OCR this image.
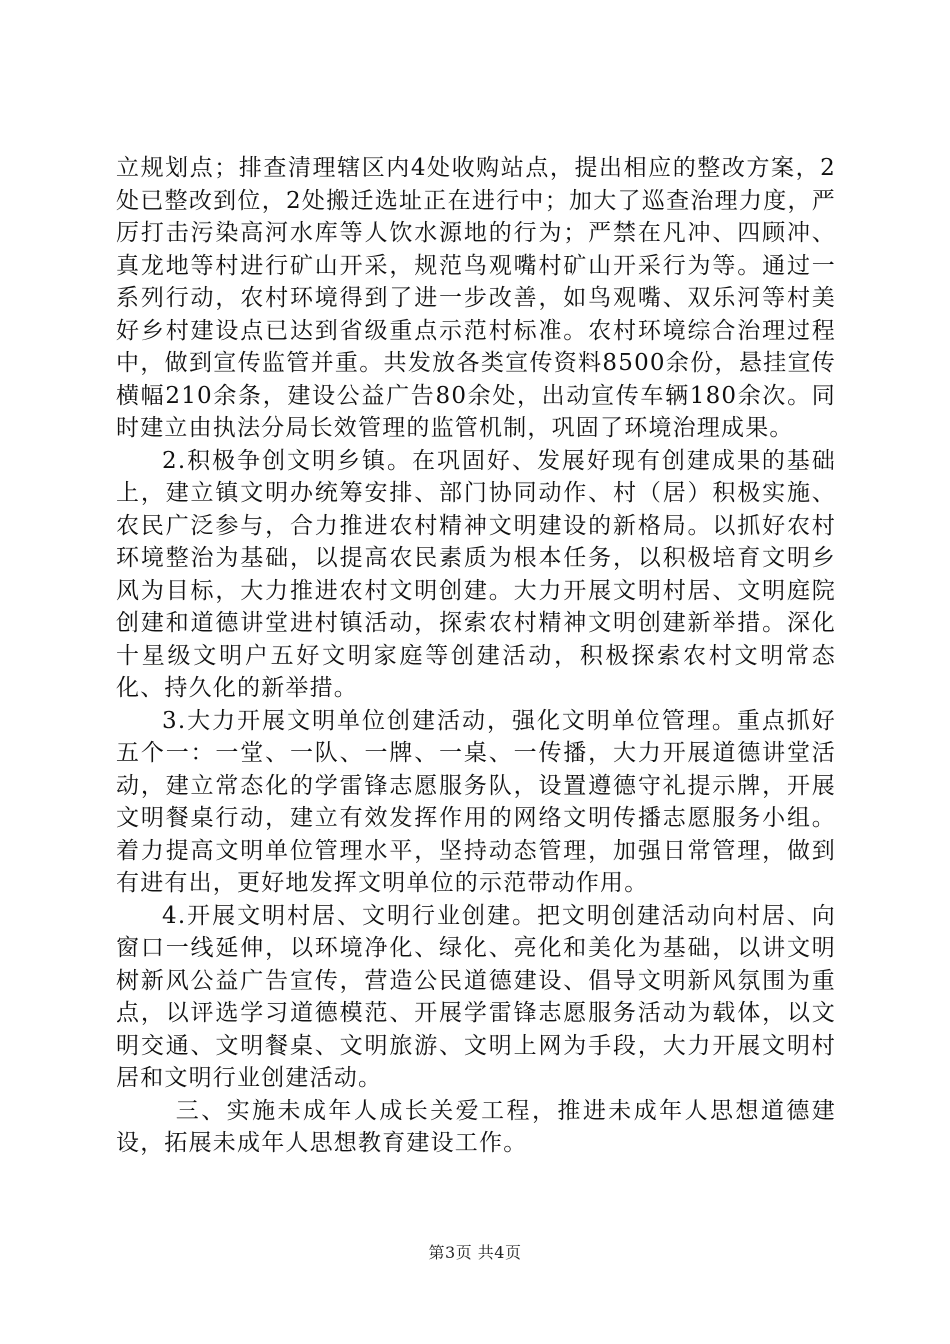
立规划点；排查清理辖区内4处收购站点，提出相应的整改方案，2处已整改到位，2处搬迁选址正在进行中；加大了巡查治理力度，严厉打击污染高河水库等人饮水源地的行为；严禁在凡冲、四顾冲、真龙地等村进行矿山开采，规范鸟观嘴村矿山开采行为等。通过一系列行动，农村环境得到了进一步改善，如鸟观嘴、双乐河等村美好乡村建设点已达到省级重点示范村标准。农村环境综合治理过程中，做到宣传监管并重。共发放各类宣传资料8500余份，悬挂宣传横幅210余条，建设公益广告80余处，出动宣传车辆180余次。同时建立由执法分局长效管理的监管机制，巩固了环境治理成果。

2.积极争创文明乡镇。在巩固好、发展好现有创建成果的基础上，建立镇文明办统筹安排、部门协同动作、村（居）积极实施、农民广泛参与，合力推进农村精神文明建设的新格局。以抓好农村环境整治为基础，以提高农民素质为根本任务，以积极培育文明乡风为目标，大力推进农村文明创建。大力开展文明村居、文明庭院创建和道德讲堂进村镇活动，探索农村精神文明创建新举措。深化十星级文明户五好文明家庭等创建活动，积极探索农村文明常态化、持久化的新举措。

3.大力开展文明单位创建活动，强化文明单位管理。重点抓好五个一：一堂、一队、一牌、一桌、一传播，大力开展道德讲堂活动，建立常态化的学雷锋志愿服务队，设置遵德守礼提示牌，开展文明餐桌行动，建立有效发挥作用的网络文明传播志愿服务小组。着力提高文明单位管理水平，坚持动态管理，加强日常管理，做到有进有出，更好地发挥文明单位的示范带动作用。

4.开展文明村居、文明行业创建。把文明创建活动向村居、向窗口一线延伸，以环境净化、绿化、亮化和美化为基础，以讲文明树新风公益广告宣传，营造公民道德建设、倡导文明新风氛围为重点，以评选学习道德模范、开展学雷锋志愿服务活动为载体，以文明交通、文明餐桌、文明旅游、文明上网为手段，大力开展文明村居和文明行业创建活动。

三、实施未成年人成长关爱工程，推进未成年人思想道德建设，拓展未成年人思想教育建设工作。

第3页 共4页
